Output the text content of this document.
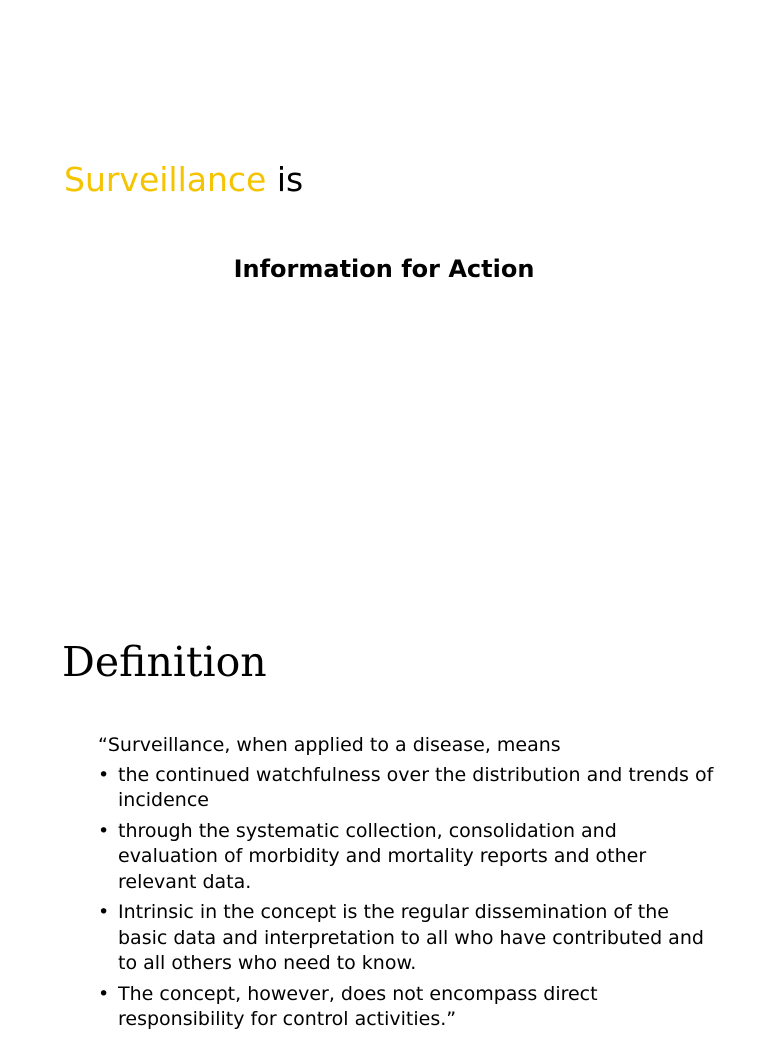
Surveillance is
Information for Action
Definition

“Surveillance, when applied to a disease, means

• the continued watchfulness over the distribution and trends of incidence
• through the systematic collection, consolidation and evaluation of morbidity and mortality reports and other relevant data.
• Intrinsic in the concept is the regular dissemination of the basic data and interpretation to all who have contributed and to all others who need to know.
• The concept, however, does not encompass direct responsibility for control activities.”
